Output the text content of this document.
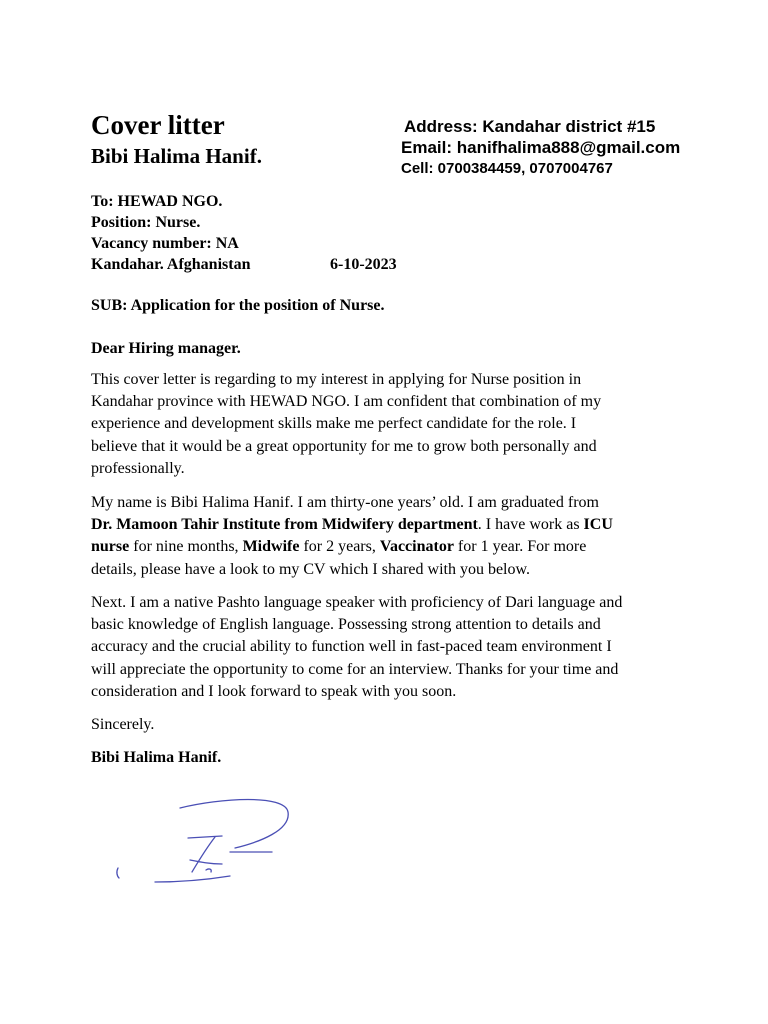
Cover litter
Bibi Halima Hanif.
Address: Kandahar district #15
Email: hanifhalima888@gmail.com
Cell: 0700384459, 0707004767
To: HEWAD NGO.
Position: Nurse.
Vacancy number: NA
Kandahar. Afghanistan	6-10-2023
SUB: Application for the position of Nurse.
Dear Hiring manager.

This cover letter is regarding to my interest in applying for Nurse position in
Kandahar province with HEWAD NGO. I am confident that combination of my
experience and development skills make me perfect candidate for the role. I
believe that it would be a great opportunity for me to grow both personally and
professionally.

My name is Bibi Halima Hanif. I am thirty-one years’ old. I am graduated from
Dr. Mamoon Tahir Institute from Midwifery department. I have work as ICU
nurse for nine months, Midwife for 2 years, Vaccinator for 1 year. For more
details, please have a look to my CV which I shared with you below.

Next. I am a native Pashto language speaker with proficiency of Dari language and
basic knowledge of English language. Possessing strong attention to details and
accuracy and the crucial ability to function well in fast-paced team environment I
will appreciate the opportunity to come for an interview. Thanks for your time and
consideration and I look forward to speak with you soon.

Sincerely.
Bibi Halima Hanif.
